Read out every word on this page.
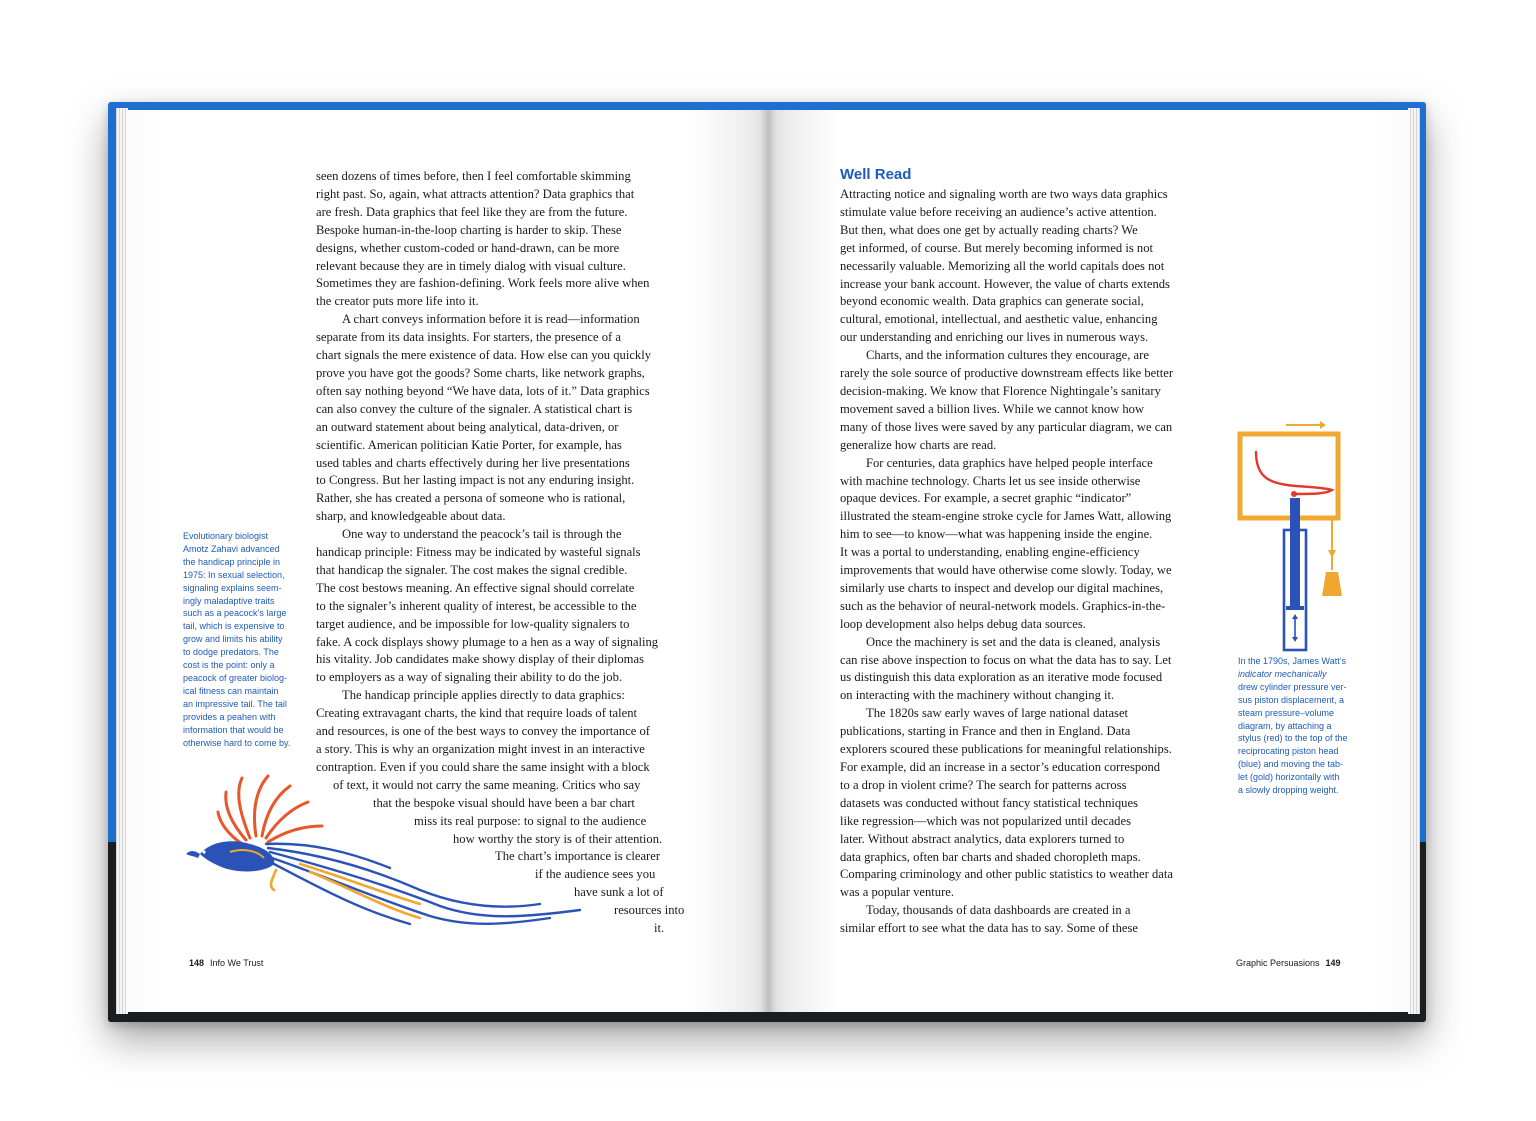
seen dozens of times before, then I feel comfortable skimming
right past. So, again, what attracts attention? Data graphics that
are fresh. Data graphics that feel like they are from the future.
Bespoke human-in-the-loop charting is harder to skip. These
designs, whether custom-coded or hand-drawn, can be more
relevant because they are in timely dialog with visual culture.
Sometimes they are fashion-defining. Work feels more alive when
the creator puts more life into it.
A chart conveys information before it is read—information
separate from its data insights. For starters, the presence of a
chart signals the mere existence of data. How else can you quickly
prove you have got the goods? Some charts, like network graphs,
often say nothing beyond “We have data, lots of it.” Data graphics
can also convey the culture of the signaler. A statistical chart is
an outward statement about being analytical, data-driven, or
scientific. American politician Katie Porter, for example, has
used tables and charts effectively during her live presentations
to Congress. But her lasting impact is not any enduring insight.
Rather, she has created a persona of someone who is rational,
sharp, and knowledgeable about data.
One way to understand the peacock’s tail is through the
handicap principle: Fitness may be indicated by wasteful signals
that handicap the signaler. The cost makes the signal credible.
The cost bestows meaning. An effective signal should correlate
to the signaler’s inherent quality of interest, be accessible to the
target audience, and be impossible for low-quality signalers to
fake. A cock displays showy plumage to a hen as a way of signaling
his vitality. Job candidates make showy display of their diplomas
to employers as a way of signaling their ability to do the job.
The handicap principle applies directly to data graphics:
Creating extravagant charts, the kind that require loads of talent
and resources, is one of the best ways to convey the importance of
a story. This is why an organization might invest in an interactive
contraption. Even if you could share the same insight with a block
of text, it would not carry the same meaning. Critics who say
that the bespoke visual should have been a bar chart
miss its real purpose: to signal to the audience
how worthy the story is of their attention.
The chart’s importance is clearer
if the audience sees you
have sunk a lot of
resources into
it.
Evolutionary biologist
Amotz Zahavi advanced
the handicap principle in
1975: In sexual selection,
signaling explains seem-
ingly maladaptive traits
such as a peacock’s large
tail, which is expensive to
grow and limits his ability
to dodge predators. The
cost is the point: only a
peacock of greater biolog-
ical fitness can maintain
an impressive tail. The tail
provides a peahen with
information that would be
otherwise hard to come by.

148 Info We Trust

Well Read
Attracting notice and signaling worth are two ways data graphics
stimulate value before receiving an audience’s active attention.
But then, what does one get by actually reading charts? We
get informed, of course. But merely becoming informed is not
necessarily valuable. Memorizing all the world capitals does not
increase your bank account. However, the value of charts extends
beyond economic wealth. Data graphics can generate social,
cultural, emotional, intellectual, and aesthetic value, enhancing
our understanding and enriching our lives in numerous ways.
Charts, and the information cultures they encourage, are
rarely the sole source of productive downstream effects like better
decision-making. We know that Florence Nightingale’s sanitary
movement saved a billion lives. While we cannot know how
many of those lives were saved by any particular diagram, we can
generalize how charts are read.
For centuries, data graphics have helped people interface
with machine technology. Charts let us see inside otherwise
opaque devices. For example, a secret graphic “indicator”
illustrated the steam-engine stroke cycle for James Watt, allowing
him to see—to know—what was happening inside the engine.
It was a portal to understanding, enabling engine-efficiency
improvements that would have otherwise come slowly. Today, we
similarly use charts to inspect and develop our digital machines,
such as the behavior of neural-network models. Graphics-in-the-
loop development also helps debug data sources.
Once the machinery is set and the data is cleaned, analysis
can rise above inspection to focus on what the data has to say. Let
us distinguish this data exploration as an iterative mode focused
on interacting with the machinery without changing it.
The 1820s saw early waves of large national dataset
publications, starting in France and then in England. Data
explorers scoured these publications for meaningful relationships.
For example, did an increase in a sector’s education correspond
to a drop in violent crime? The search for patterns across
datasets was conducted without fancy statistical techniques
like regression—which was not popularized until decades
later. Without abstract analytics, data explorers turned to
data graphics, often bar charts and shaded choropleth maps.
Comparing criminology and other public statistics to weather data
was a popular venture.
Today, thousands of data dashboards are created in a
similar effort to see what the data has to say. Some of these
In the 1790s, James Watt’s
indicator mechanically
drew cylinder pressure ver-
sus piston displacement, a
steam pressure–volume
diagram, by attaching a
stylus (red) to the top of the
reciprocating piston head
(blue) and moving the tab-
let (gold) horizontally with
a slowly dropping weight.

Graphic Persuasions 149
